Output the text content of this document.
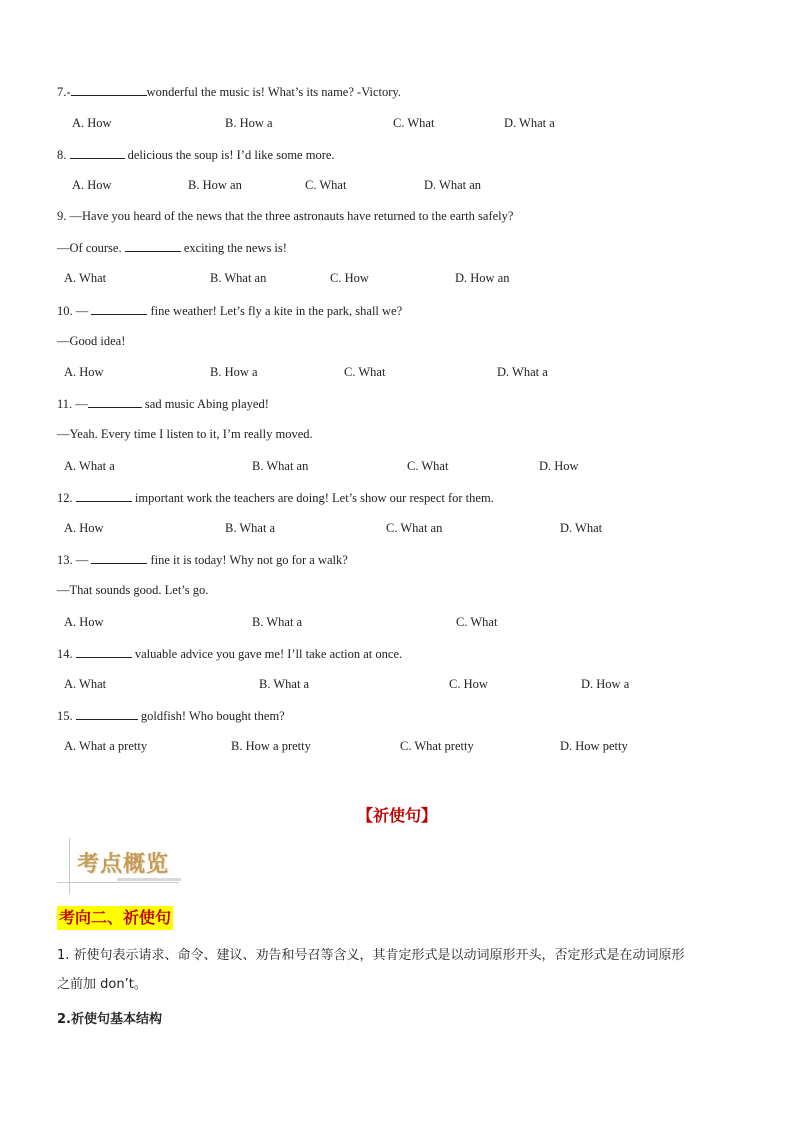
7.-	wonderful the music is! What’s its name? -Victory.
A. How	B. How a	C. What	D. What a
8.	delicious the soup is! I’d like some more.
A. How	B. How an	C. What	D. What an
9. —Have you heard of the news that the three astronauts have returned to the earth safely?
—Of course.	exciting the news is!
A. What	B. What an	C. How	D. How an
10. —	fine weather! Let’s fly a kite in the park, shall we?
—Good idea!
A. How	B. How a	C. What	D. What a
11. —	sad music Abing played!
—Yeah. Every time I listen to it, I’m really moved.
A. What a	B. What an	C. What	D. How
12.	important work the teachers are doing! Let’s show our respect for them.
A. How	B. What a	C. What an	D. What
13. —	fine it is today! Why not go for a walk?
—That sounds good. Let’s go.
A. How	B. What a	C. What
14.	valuable advice you gave me! I’ll take action at once.
A. What	B. What a	C. How	D. How a
15.	goldfish! Who bought them?
A. What a pretty	B. How a pretty	C. What pretty	D. How petty
【祈使句】
考点概览
考向二、祈使句
1. 祈使句表示请求、命令、建议、劝告和号召等含义，其肯定形式是以动词原形开头，否定形式是在动词原形
之前加 don’t。
2.祈使句基本结构
